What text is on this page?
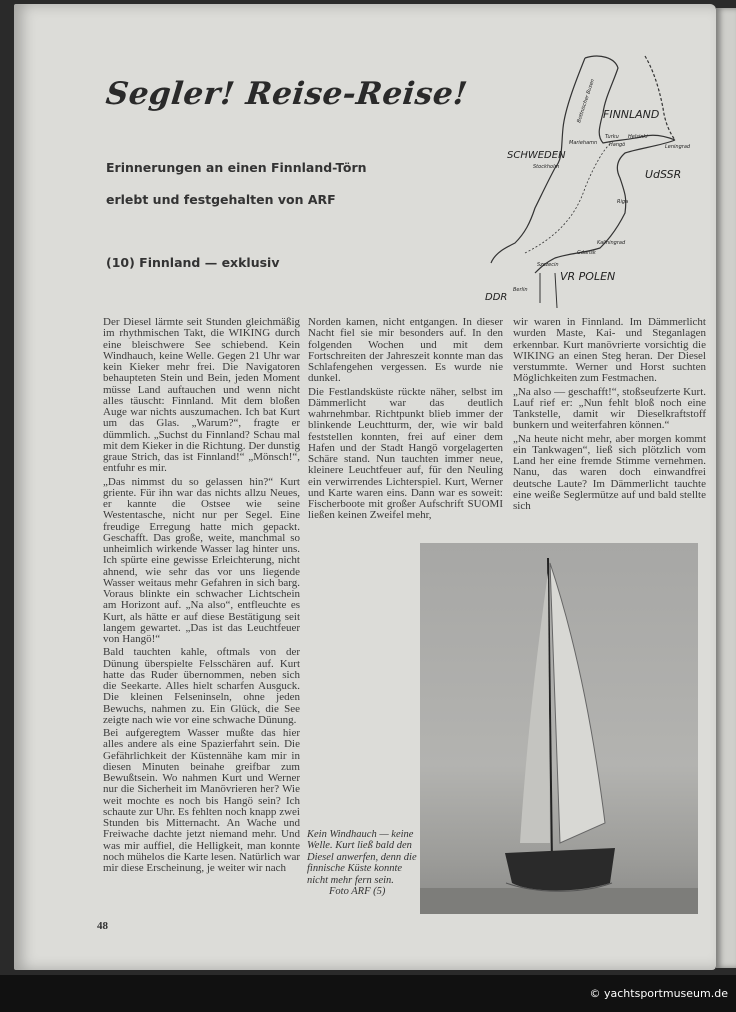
Segler! Reise-Reise!
Erinnerungen an einen Finnland-Törn
erlebt und festgehalten von ARF
(10) Finnland — exklusiv
FINNLAND
SCHWEDEN
UdSSR
VR POLEN
DDR
Bottnischer Busen
Turku Helsinki
Hangö
Mariehamn
Stockholm
Leningrad
Riga
Kaliningrad
Gdansk
Szczecin
Berlin

Der Diesel lärmte seit Stunden gleichmäßig im rhythmischen Takt, die WIKING durch eine bleischwere See schiebend. Kein Windhauch, keine Welle. Gegen 21 Uhr war kein Kieker mehr frei. Die Navigatoren behaupteten Stein und Bein, jeden Moment müsse Land auftauchen und wenn nicht alles täuscht: Finnland. Mit dem bloßen Auge war nichts auszumachen. Ich bat Kurt um das Glas. „Warum?“, fragte er dümmlich. „Suchst du Finnland? Schau mal mit dem Kieker in die Richtung. Der dunstig graue Strich, das ist Finnland!“ „Mönsch!“, entfuhr es mir.

„Das nimmst du so gelassen hin?“ Kurt griente. Für ihn war das nichts allzu Neues, er kannte die Ostsee wie seine Westentasche, nicht nur per Segel. Eine freudige Erregung hatte mich gepackt. Geschafft. Das große, weite, manchmal so unheimlich wirkende Wasser lag hinter uns. Ich spürte eine gewisse Erleichterung, nicht ahnend, wie sehr das vor uns liegende Wasser weitaus mehr Gefahren in sich barg. Voraus blinkte ein schwacher Lichtschein am Horizont auf. „Na also“, entfleuchte es Kurt, als hätte er auf diese Bestätigung seit langem gewartet. „Das ist das Leuchtfeuer von Hangö!“

Bald tauchten kahle, oftmals von der Dünung überspielte Felsschären auf. Kurt hatte das Ruder übernommen, neben sich die Seekarte. Alles hielt scharfen Ausguck. Die kleinen Felseninseln, ohne jeden Bewuchs, nahmen zu. Ein Glück, die See zeigte nach wie vor eine schwache Dünung.

Bei aufgeregtem Wasser mußte das hier alles andere als eine Spazierfahrt sein. Die Gefährlichkeit der Küstennähe kam mir in diesen Minuten beinahe greifbar zum Bewußtsein. Wo nahmen Kurt und Werner nur die Sicherheit im Manövrieren her? Wie weit mochte es noch bis Hangö sein? Ich schaute zur Uhr. Es fehlten noch knapp zwei Stunden bis Mitternacht. An Wache und Freiwache dachte jetzt niemand mehr. Und was mir auffiel, die Helligkeit, man konnte noch mühelos die Karte lesen. Natürlich war mir diese Erscheinung, je weiter wir nach

Norden kamen, nicht entgangen. In dieser Nacht fiel sie mir besonders auf. In den folgenden Wochen und mit dem Fortschreiten der Jahreszeit konnte man das Schlafengehen vergessen. Es wurde nie dunkel.

Die Festlandsküste rückte näher, selbst im Dämmerlicht war das deutlich wahrnehmbar. Richtpunkt blieb immer der blinkende Leuchtturm, der, wie wir bald feststellen konnten, frei auf einer dem Hafen und der Stadt Hangö vorgelagerten Schäre stand. Nun tauchten immer neue, kleinere Leuchtfeuer auf, für den Neuling ein verwirrendes Lichterspiel. Kurt, Werner und Karte waren eins. Dann war es soweit: Fischerboote mit großer Aufschrift SUOMI ließen keinen Zweifel mehr,

wir waren in Finnland. Im Dämmerlicht wurden Maste, Kai- und Steganlagen erkennbar. Kurt manövrierte vorsichtig die WIKING an einen Steg heran. Der Diesel verstummte. Werner und Horst suchten Möglichkeiten zum Festmachen.

„Na also — geschafft!“, stoßseufzerte Kurt. Lauf rief er: „Nun fehlt bloß noch eine Tankstelle, damit wir Dieselkraftstoff bunkern und weiterfahren können.“

„Na heute nicht mehr, aber morgen kommt ein Tankwagen“, ließ sich plötzlich vom Land her eine fremde Stimme vernehmen. Nanu, das waren doch einwandfrei deutsche Laute? Im Dämmerlicht tauchte eine weiße Seglermütze auf und bald stellte sich

Kein Windhauch — keine Welle. Kurt ließ bald den Diesel anwerfen, denn die finnische Küste konnte nicht mehr fern sein.
Foto ARF (5)
48
© yachtsportmuseum.de
